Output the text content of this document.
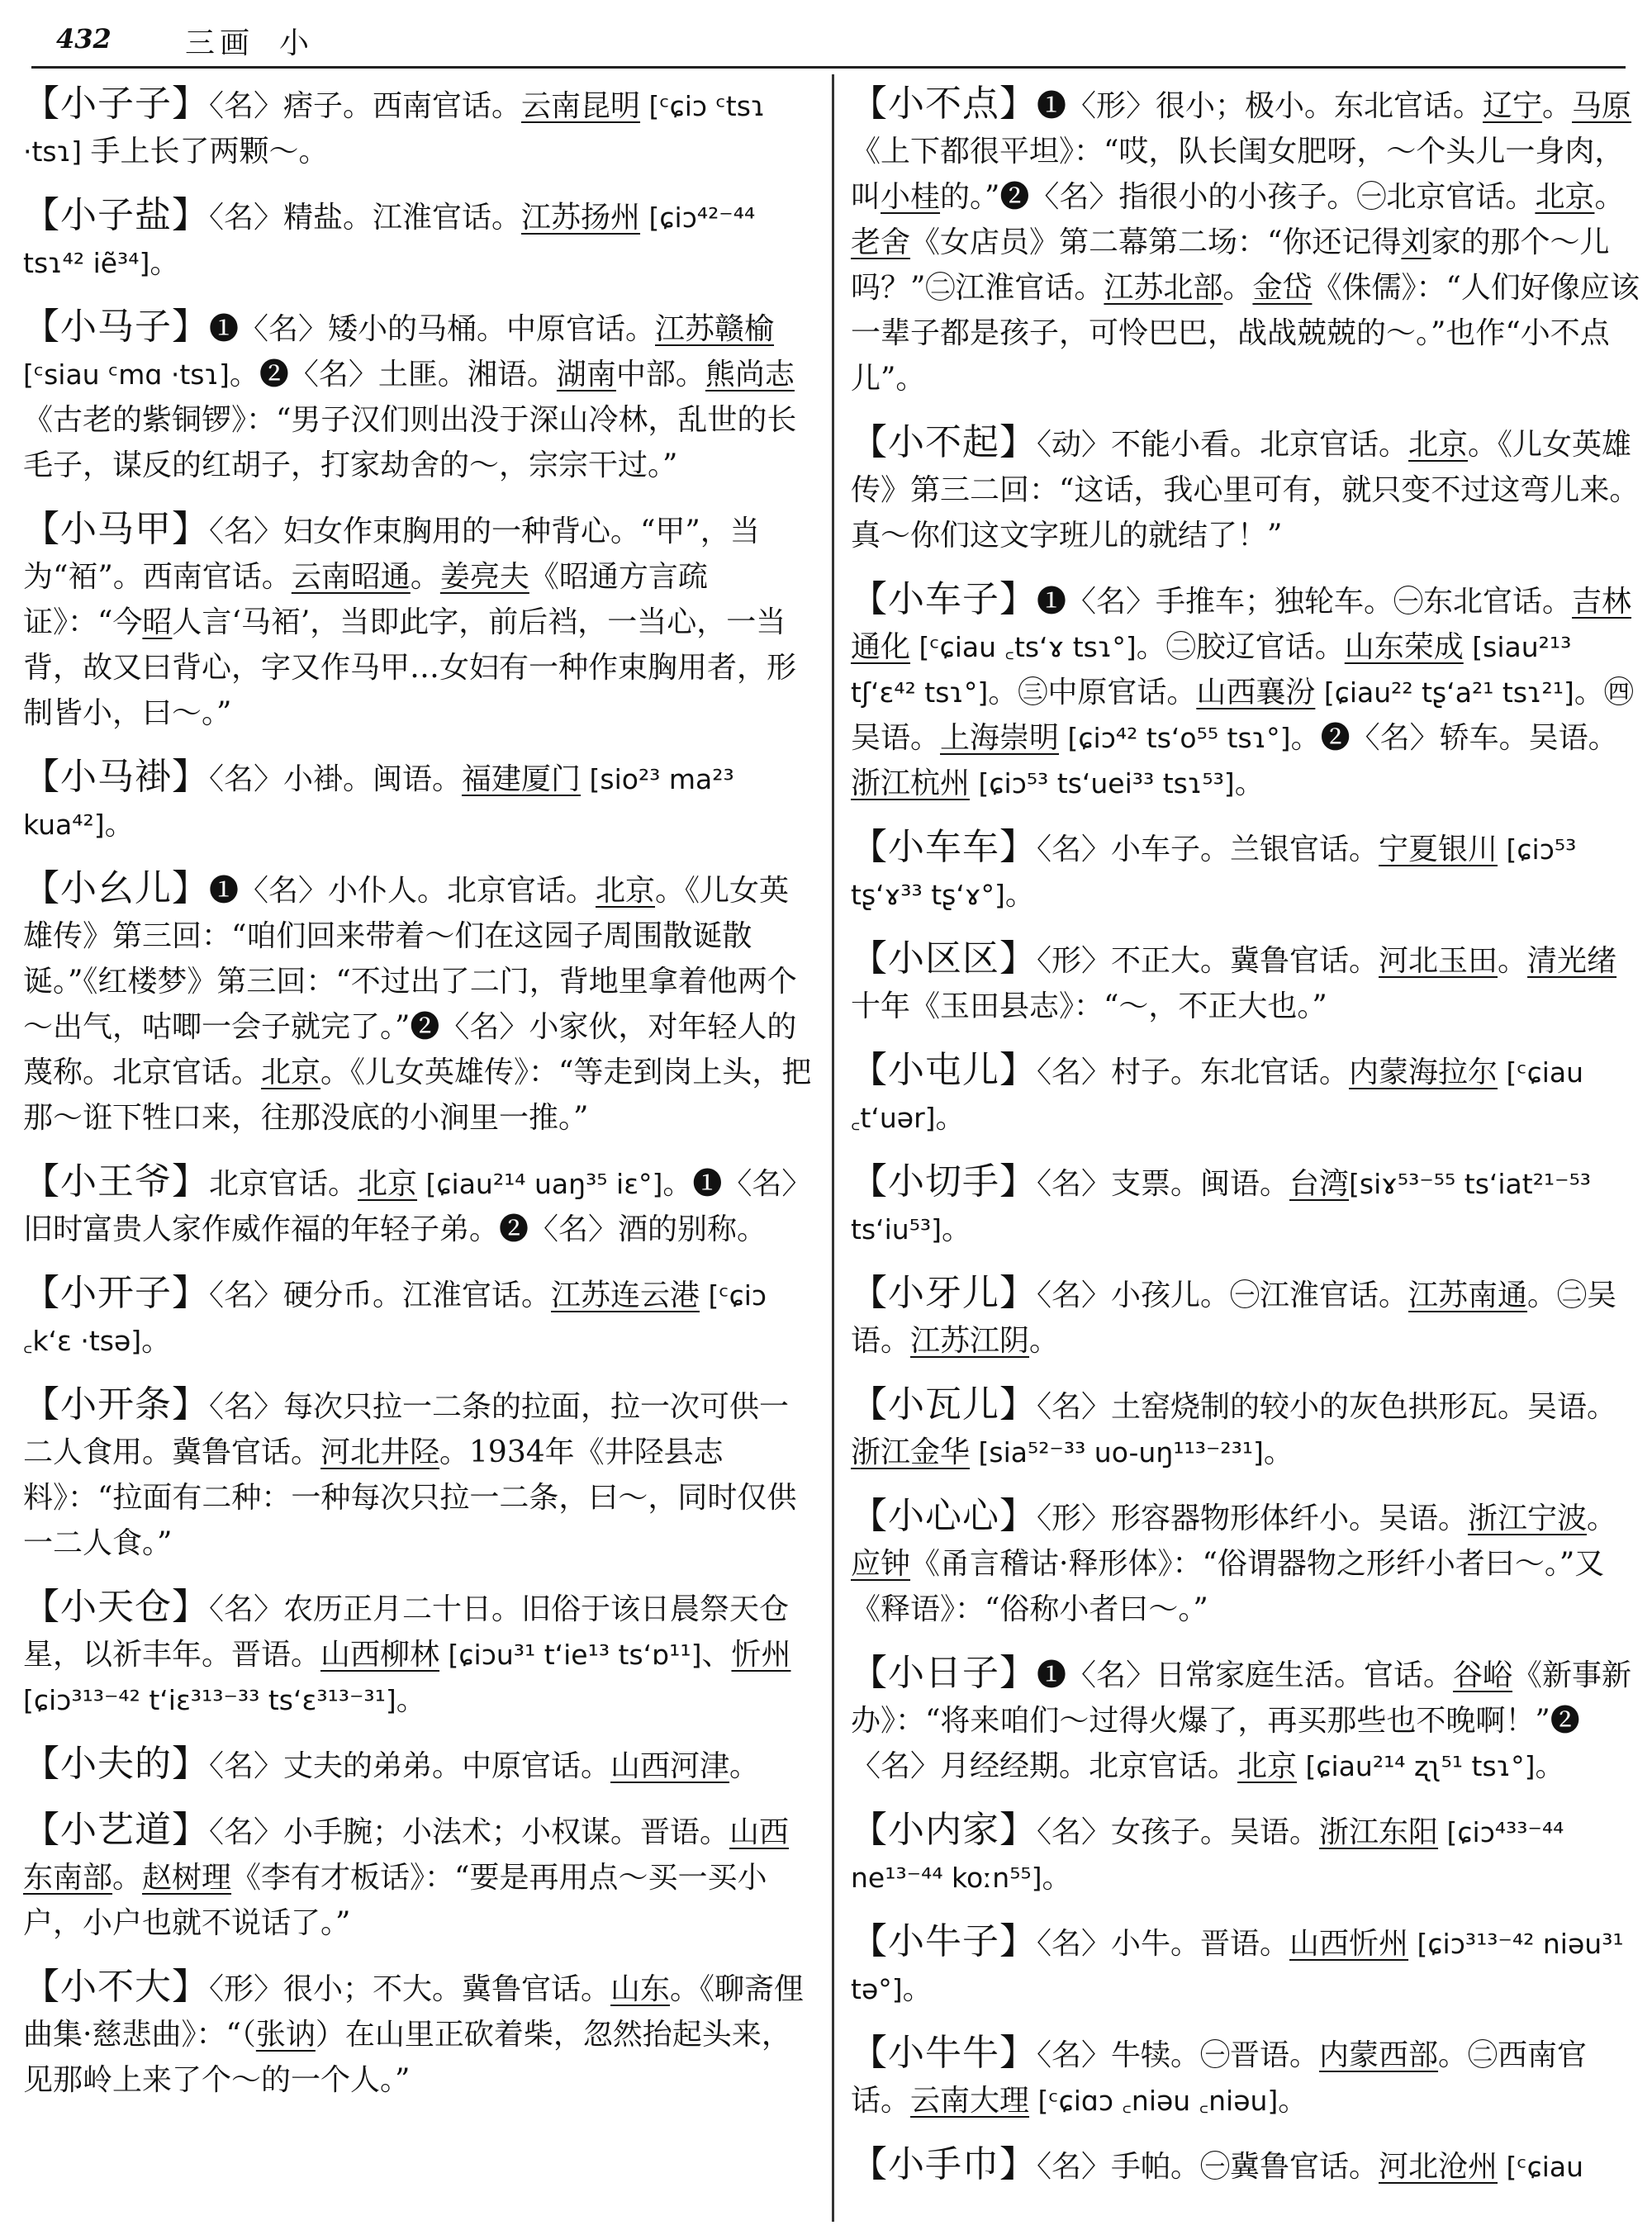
432 三画 小
【小子子】〈名〉痞子。西南官话。云南昆明 [ᶜɕiɔ ᶜtsɿ ·tsɿ] 手上长了两颗～。
【小子盐】〈名〉精盐。江淮官话。江苏扬州 [ɕiɔ⁴²⁻⁴⁴ tsɿ⁴² iẽ³⁴]。
【小马子】❶〈名〉矮小的马桶。中原官话。江苏赣榆[ᶜsiau ᶜmɑ ·tsɿ]。❷〈名〉土匪。湘语。湖南中部。熊尚志《古老的紫铜锣》：“男子汉们则出没于深山冷林，乱世的长毛子，谋反的红胡子，打家劫舍的～，宗宗干过。”
【小马甲】〈名〉妇女作束胸用的一种背心。“甲”，当为“袹”。西南官话。云南昭通。姜亮夫《昭通方言疏证》：“今昭人言‘马袹’，当即此字，前后裆，一当心，一当背，故又曰背心，字又作马甲…女妇有一种作束胸用者，形制皆小，曰～。”
【小马褂】〈名〉小褂。闽语。福建厦门 [sio²³ ma²³ kua⁴²]。
【小幺儿】❶〈名〉小仆人。北京官话。北京。《儿女英雄传》第三回：“咱们回来带着～们在这园子周围散诞散诞。”《红楼梦》第三回：“不过出了二门，背地里拿着他两个～出气，咕唧一会子就完了。”❷〈名〉小家伙，对年轻人的蔑称。北京官话。北京。《儿女英雄传》：“等走到岗上头，把那～诳下牲口来，往那没底的小涧里一推。”
【小王爷】北京官话。北京 [ɕiau²¹⁴ uaŋ³⁵ iɛ°]。❶〈名〉旧时富贵人家作威作福的年轻子弟。❷〈名〉酒的别称。
【小开子】〈名〉硬分币。江淮官话。江苏连云港 [ᶜɕiɔ ꜀kʻɛ ·tsə]。
【小开条】〈名〉每次只拉一二条的拉面，拉一次可供一二人食用。冀鲁官话。河北井陉。1934年《井陉县志料》：“拉面有二种：一种每次只拉一二条，曰～，同时仅供一二人食。”
【小天仓】〈名〉农历正月二十日。旧俗于该日晨祭天仓星，以祈丰年。晋语。山西柳林 [ɕiɔu³¹ tʻie¹³ tsʻɒ¹¹]、忻州 [ɕiɔ³¹³⁻⁴² tʻiɛ³¹³⁻³³ tsʻɛ³¹³⁻³¹]。
【小夫的】〈名〉丈夫的弟弟。中原官话。山西河津。
【小艺道】〈名〉小手腕；小法术；小权谋。晋语。山西东南部。赵树理《李有才板话》：“要是再用点～买一买小户，小户也就不说话了。”
【小不大】〈形〉很小；不大。冀鲁官话。山东。《聊斋俚曲集·慈悲曲》：“（张讷）在山里正砍着柴，忽然抬起头来，见那岭上来了个～的一个人。”
【小不点】❶〈形〉很小；极小。东北官话。辽宁。马原《上下都很平坦》：“哎，队长闺女肥呀，～个头儿一身肉，叫小桂的。”❷〈名〉指很小的小孩子。㊀北京官话。北京。老舍《女店员》第二幕第二场：“你还记得刘家的那个～儿吗？”㊁江淮官话。江苏北部。金岱《侏儒》：“人们好像应该一辈子都是孩子，可怜巴巴，战战兢兢的～。”也作“小不点儿”。
【小不起】〈动〉不能小看。北京官话。北京。《儿女英雄传》第三二回：“这话，我心里可有，就只变不过这弯儿来。真～你们这文字班儿的就结了！”
【小车子】❶〈名〉手推车；独轮车。㊀东北官话。吉林通化 [ᶜɕiau ꜀tsʻɤ tsɿ°]。㊁胶辽官话。山东荣成 [siau²¹³ tʃʻɛ⁴² tsɿ°]。㊂中原官话。山西襄汾 [ɕiau²² tʂʻa²¹ tsɿ²¹]。㊃吴语。上海崇明 [ɕiɔ⁴² tsʻo⁵⁵ tsɿ°]。❷〈名〉轿车。吴语。浙江杭州 [ɕiɔ⁵³ tsʻuei³³ tsɿ⁵³]。
【小车车】〈名〉小车子。兰银官话。宁夏银川 [ɕiɔ⁵³ tʂʻɤ³³ tʂʻɤ°]。
【小区区】〈形〉不正大。冀鲁官话。河北玉田。清光绪十年《玉田县志》：“～，不正大也。”
【小屯儿】〈名〉村子。东北官话。内蒙海拉尔 [ᶜɕiau ꜀tʻuər]。
【小切手】〈名〉支票。闽语。台湾[siɤ⁵³⁻⁵⁵ tsʻiat²¹⁻⁵³ tsʻiu⁵³]。
【小牙儿】〈名〉小孩儿。㊀江淮官话。江苏南通。㊁吴语。江苏江阴。
【小瓦儿】〈名〉土窑烧制的较小的灰色拱形瓦。吴语。浙江金华 [sia⁵²⁻³³ uo-uŋ¹¹³⁻²³¹]。
【小心心】〈形〉形容器物形体纤小。吴语。浙江宁波。应钟《甬言稽诂·释形体》：“俗谓器物之形纤小者曰～。”又《释语》：“俗称小者曰～。”
【小日子】❶〈名〉日常家庭生活。官话。谷峪《新事新办》：“将来咱们～过得火爆了，再买那些也不晚啊！”❷〈名〉月经经期。北京官话。北京 [ɕiau²¹⁴ ʐʅ⁵¹ tsɿ°]。
【小内家】〈名〉女孩子。吴语。浙江东阳 [ɕiɔ⁴³³⁻⁴⁴ ne¹³⁻⁴⁴ koːn⁵⁵]。
【小牛子】〈名〉小牛。晋语。山西忻州 [ɕiɔ³¹³⁻⁴² niəu³¹ tə°]。
【小牛牛】〈名〉牛犊。㊀晋语。内蒙西部。㊁西南官话。云南大理 [ᶜɕiɑɔ ꜀niəu ꜀niəu]。
【小手巾】〈名〉手帕。㊀冀鲁官话。河北沧州 [ᶜɕiau
